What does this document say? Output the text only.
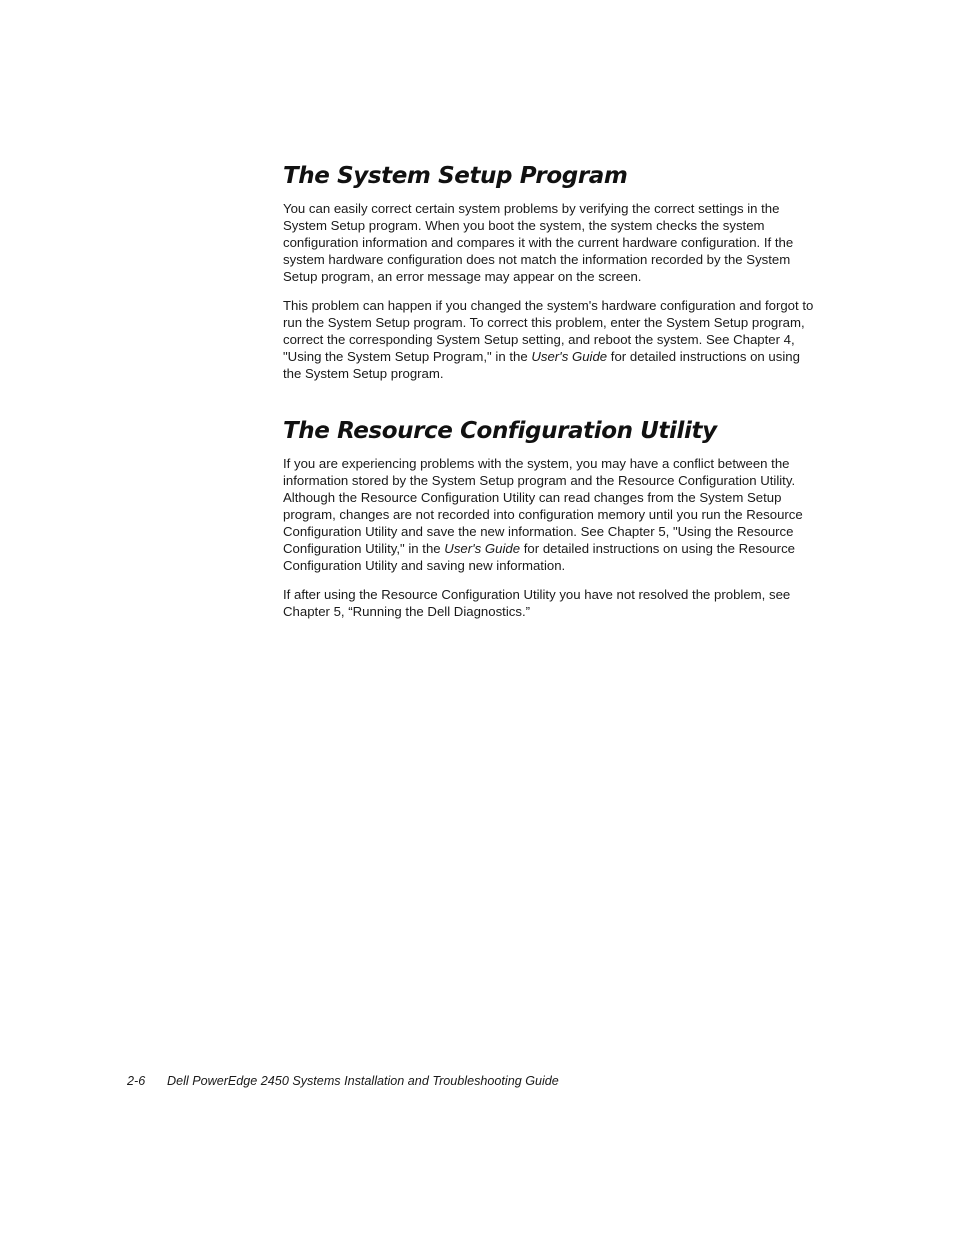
The System Setup Program

You can easily correct certain system problems by verifying the correct settings in the System Setup program. When you boot the system, the system checks the system configuration information and compares it with the current hardware configuration. If the system hardware configuration does not match the information recorded by the System Setup program, an error message may appear on the screen.

This problem can happen if you changed the system's hardware configuration and forgot to run the System Setup program. To correct this problem, enter the System Setup program, correct the corresponding System Setup setting, and reboot the system. See Chapter 4, "Using the System Setup Program," in the User's Guide for detailed instructions on using the System Setup program.

The Resource Configuration Utility

If you are experiencing problems with the system, you may have a conflict between the information stored by the System Setup program and the Resource Configuration Utility. Although the Resource Configuration Utility can read changes from the System Setup program, changes are not recorded into configuration memory until you run the Resource Configuration Utility and save the new information. See Chapter 5, "Using the Resource Configuration Utility," in the User's Guide for detailed instructions on using the Resource Configuration Utility and saving new information.

If after using the Resource Configuration Utility you have not resolved the problem, see Chapter 5, “Running the Dell Diagnostics.”

2-6 Dell PowerEdge 2450 Systems Installation and Troubleshooting Guide
